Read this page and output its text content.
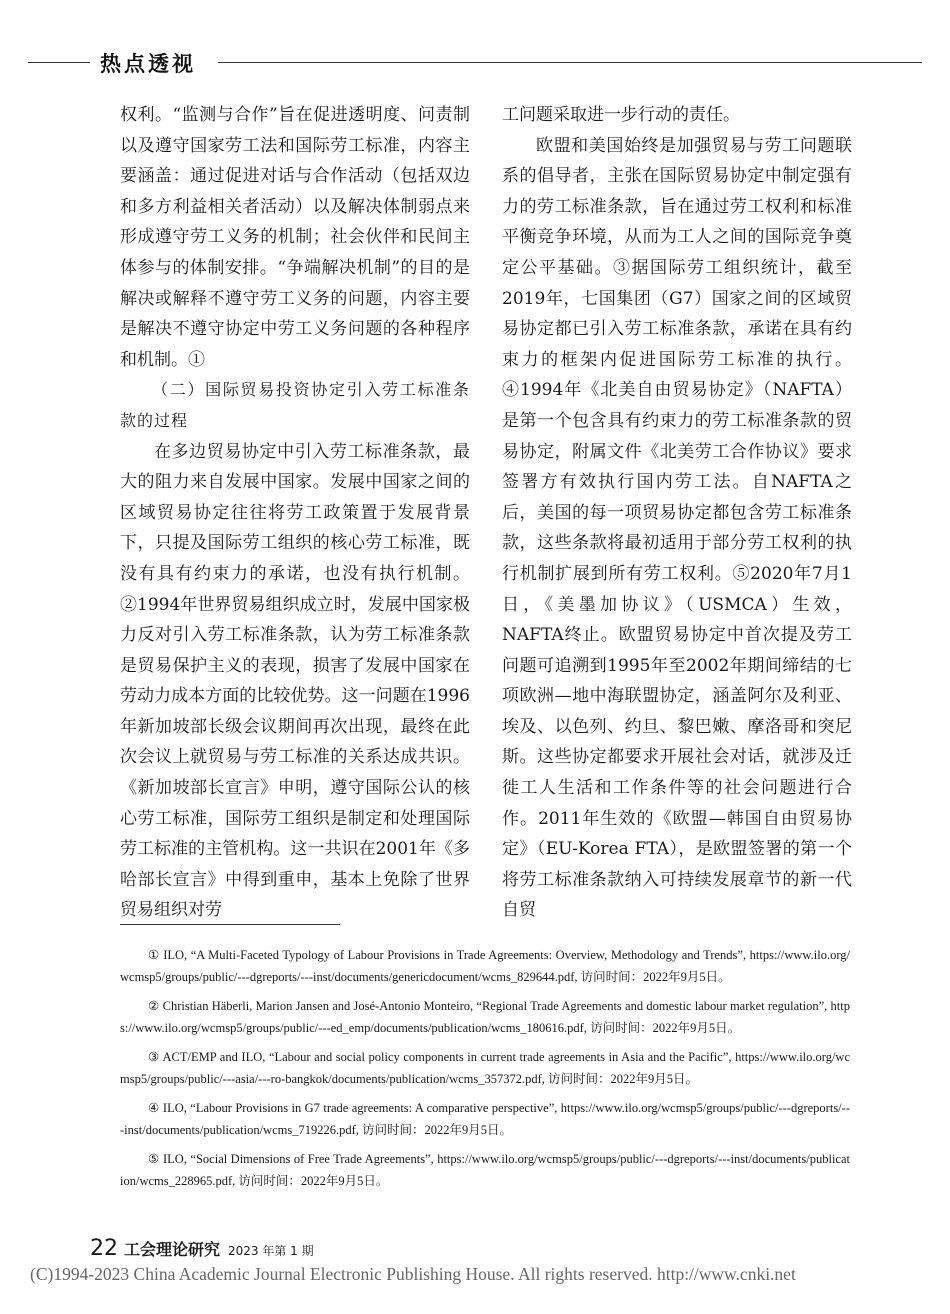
热点透视

权利。“监测与合作”旨在促进透明度、问责制以及遵守国家劳工法和国际劳工标准，内容主要涵盖：通过促进对话与合作活动（包括双边和多方利益相关者活动）以及解决体制弱点来形成遵守劳工义务的机制；社会伙伴和民间主体参与的体制安排。“争端解决机制”的目的是解决或解释不遵守劳工义务的问题，内容主要是解决不遵守协定中劳工义务问题的各种程序和机制。①

（二）国际贸易投资协定引入劳工标准条款的过程

在多边贸易协定中引入劳工标准条款，最大的阻力来自发展中国家。发展中国家之间的区域贸易协定往往将劳工政策置于发展背景下，只提及国际劳工组织的核心劳工标准，既没有具有约束力的承诺，也没有执行机制。②1994年世界贸易组织成立时，发展中国家极力反对引入劳工标准条款，认为劳工标准条款是贸易保护主义的表现，损害了发展中国家在劳动力成本方面的比较优势。这一问题在1996年新加坡部长级会议期间再次出现，最终在此次会议上就贸易与劳工标准的关系达成共识。《新加坡部长宣言》申明，遵守国际公认的核心劳工标准，国际劳工组织是制定和处理国际劳工标准的主管机构。这一共识在2001年《多哈部长宣言》中得到重申，基本上免除了世界贸易组织对劳

工问题采取进一步行动的责任。

欧盟和美国始终是加强贸易与劳工问题联系的倡导者，主张在国际贸易协定中制定强有力的劳工标准条款，旨在通过劳工权利和标准平衡竞争环境，从而为工人之间的国际竞争奠定公平基础。③据国际劳工组织统计，截至2019年，七国集团（G7）国家之间的区域贸易协定都已引入劳工标准条款，承诺在具有约束力的框架内促进国际劳工标准的执行。④1994年《北美自由贸易协定》（NAFTA）是第一个包含具有约束力的劳工标准条款的贸易协定，附属文件《北美劳工合作协议》要求签署方有效执行国内劳工法。自NAFTA之后，美国的每一项贸易协定都包含劳工标准条款，这些条款将最初适用于部分劳工权利的执行机制扩展到所有劳工权利。⑤2020年7月1日，《美墨加协议》（USMCA）生效，NAFTA终止。欧盟贸易协定中首次提及劳工问题可追溯到1995年至2002年期间缔结的七项欧洲—地中海联盟协定，涵盖阿尔及利亚、埃及、以色列、约旦、黎巴嫩、摩洛哥和突尼斯。这些协定都要求开展社会对话，就涉及迁徙工人生活和工作条件等的社会问题进行合作。2011年生效的《欧盟—韩国自由贸易协定》（EU-Korea FTA），是欧盟签署的第一个将劳工标准条款纳入可持续发展章节的新一代自贸

① ILO, “A Multi-Faceted Typology of Labour Provisions in Trade Agreements: Overview, Methodology and Trends”, https://www.ilo.org/wcmsp5/groups/public/---dgreports/---inst/documents/genericdocument/wcms_829644.pdf, 访问时间：2022年9月5日。

② Christian Häberli, Marion Jansen and José-Antonio Monteiro, “Regional Trade Agreements and domestic labour market regulation”, https://www.ilo.org/wcmsp5/groups/public/---ed_emp/documents/publication/wcms_180616.pdf, 访问时间：2022年9月5日。

③ ACT/EMP and ILO, “Labour and social policy components in current trade agreements in Asia and the Pacific”, https://www.ilo.org/wcmsp5/groups/public/---asia/---ro-bangkok/documents/publication/wcms_357372.pdf, 访问时间：2022年9月5日。

④ ILO, “Labour Provisions in G7 trade agreements: A comparative perspective”, https://www.ilo.org/wcmsp5/groups/public/---dgreports/---inst/documents/publication/wcms_719226.pdf, 访问时间：2022年9月5日。

⑤ ILO, “Social Dimensions of Free Trade Agreements”, https://www.ilo.org/wcmsp5/groups/public/---dgreports/---inst/documents/publication/wcms_228965.pdf, 访问时间：2022年9月5日。

22 工会理论研究 2023 年第 1 期
(C)1994-2023 China Academic Journal Electronic Publishing House. All rights reserved. http://www.cnki.net
